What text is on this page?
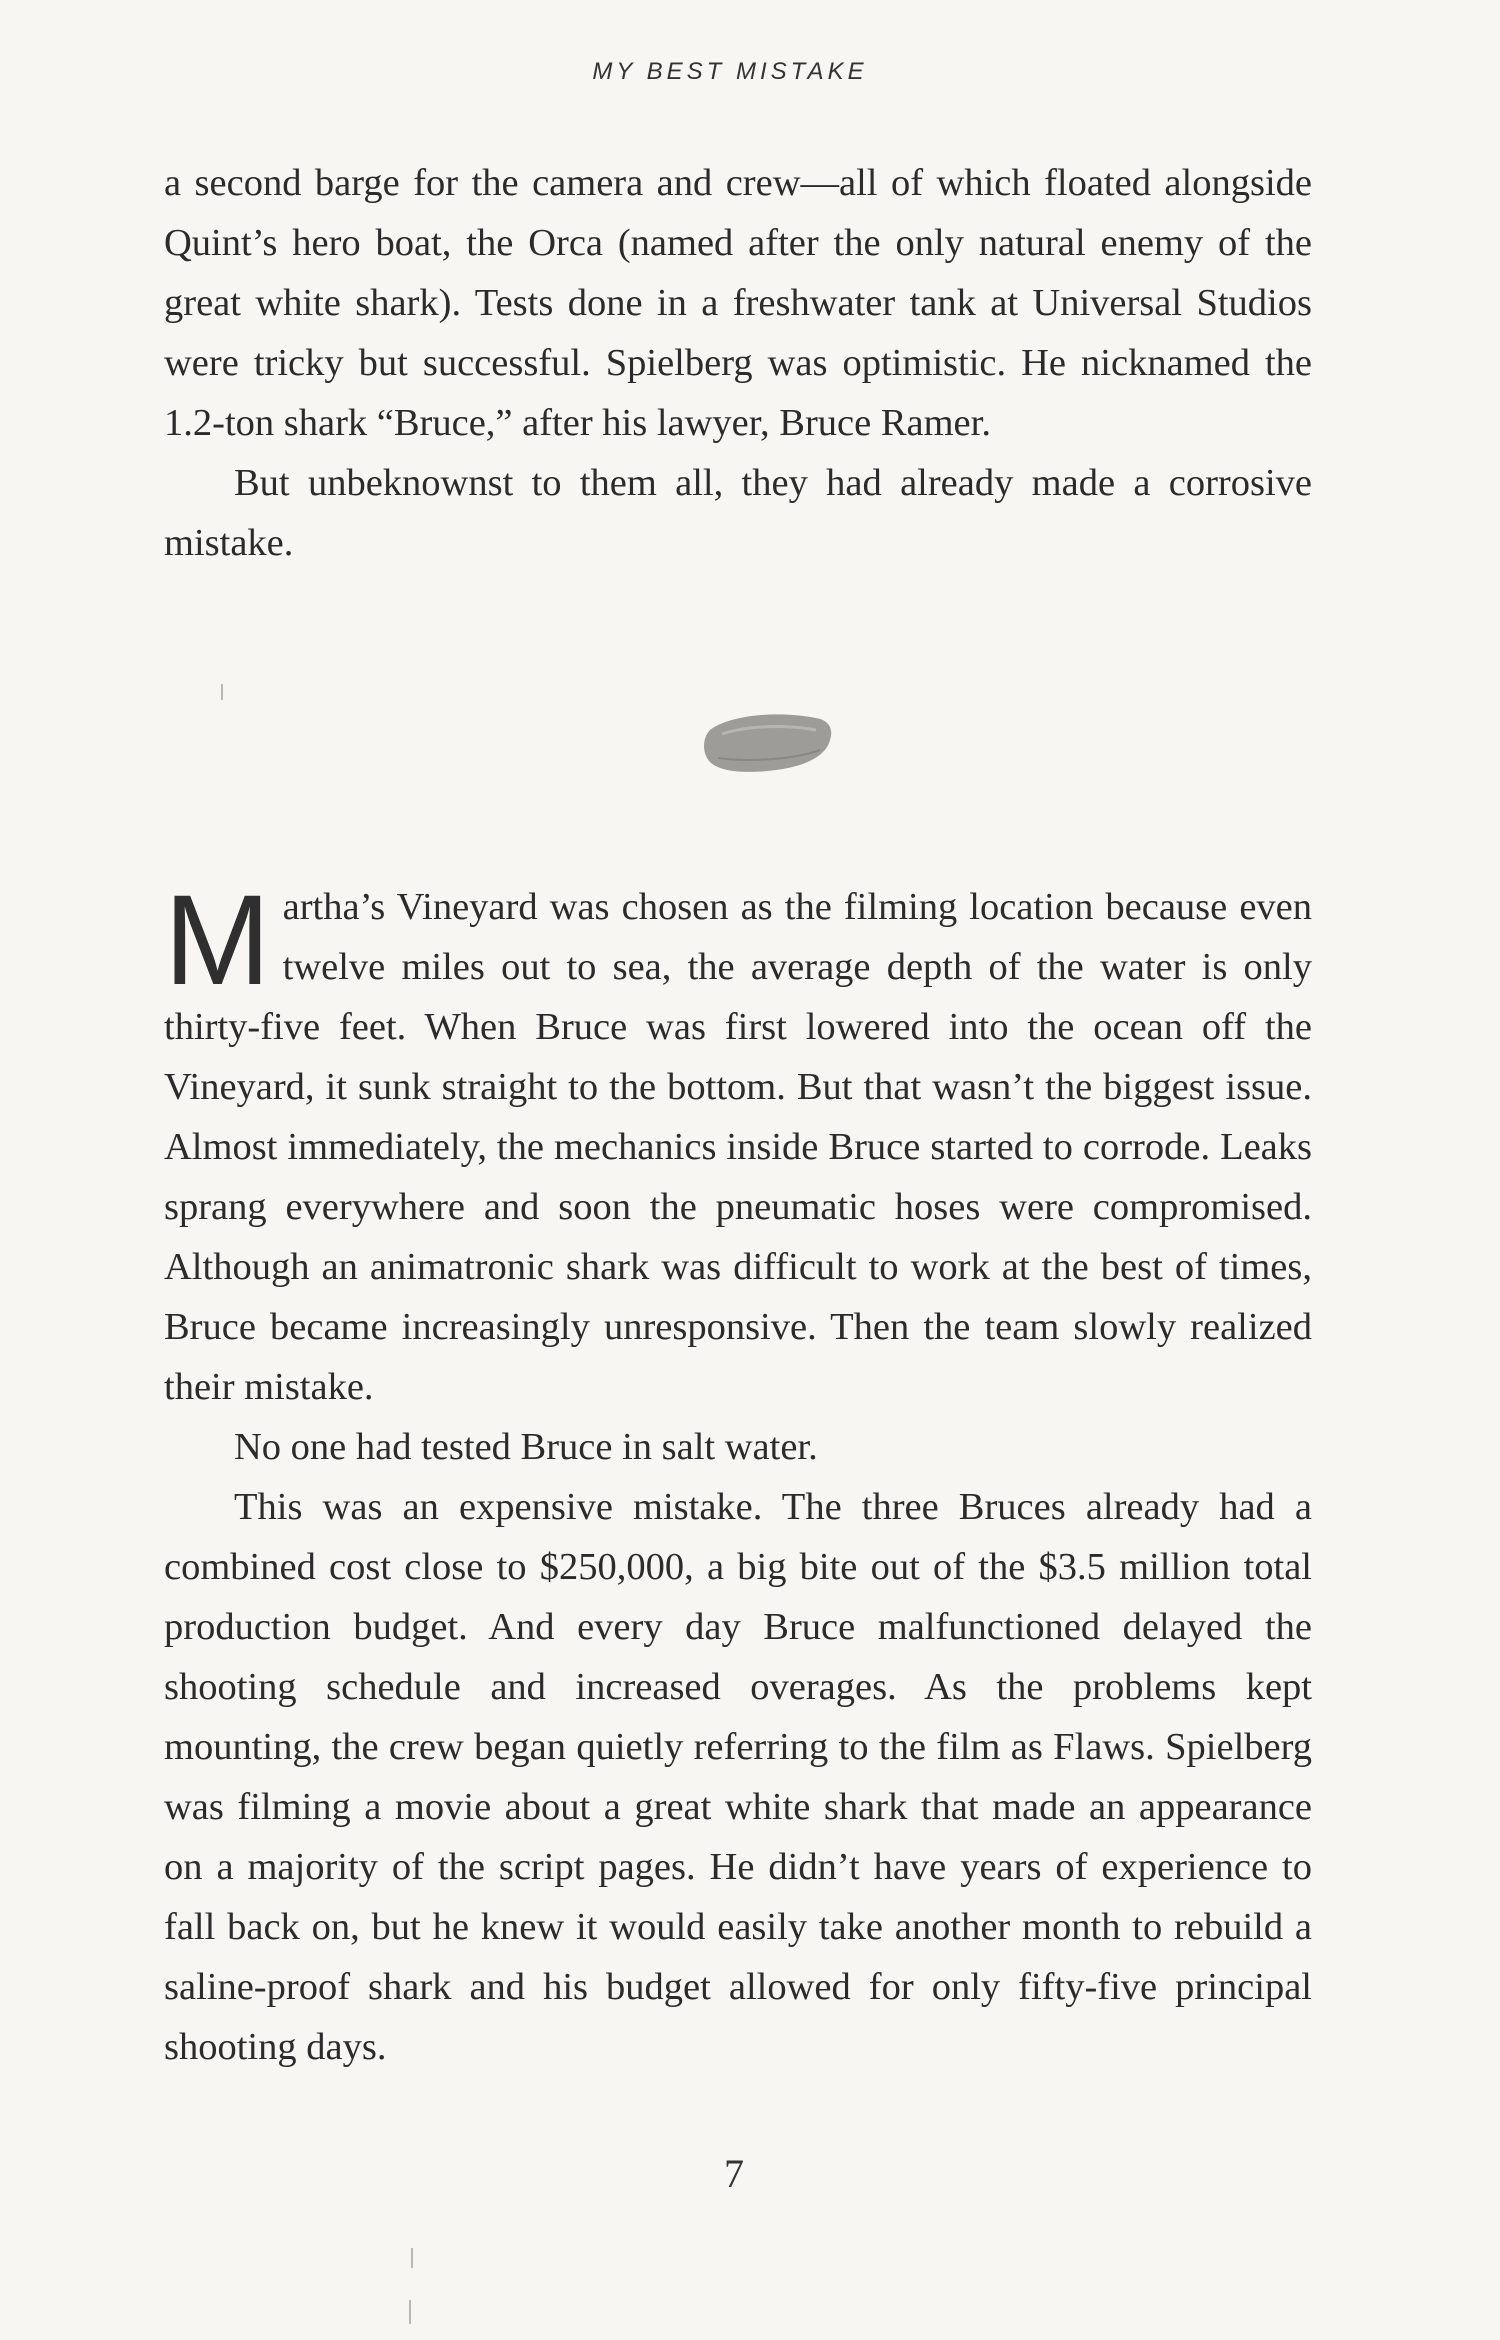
MY BEST MISTAKE

a second barge for the camera and crew—all of which floated alongside Quint’s hero boat, the Orca (named after the only natural enemy of the great white shark). Tests done in a freshwater tank at Universal Studios were tricky but successful. Spielberg was optimistic. He nicknamed the 1.2-ton shark “Bruce,” after his lawyer, Bruce Ramer.

But unbeknownst to them all, they had already made a corrosive mistake.

Martha’s Vineyard was chosen as the filming location because even twelve miles out to sea, the average depth of the water is only thirty-five feet. When Bruce was first lowered into the ocean off the Vineyard, it sunk straight to the bottom. But that wasn’t the biggest issue. Almost immediately, the mechanics inside Bruce started to corrode. Leaks sprang everywhere and soon the pneumatic hoses were compromised. Although an animatronic shark was difficult to work at the best of times, Bruce became increasingly unresponsive. Then the team slowly realized their mistake.

No one had tested Bruce in salt water.

This was an expensive mistake. The three Bruces already had a combined cost close to $250,000, a big bite out of the $3.5 million total production budget. And every day Bruce malfunctioned delayed the shooting schedule and increased overages. As the problems kept mounting, the crew began quietly referring to the film as Flaws. Spielberg was filming a movie about a great white shark that made an appearance on a majority of the script pages. He didn’t have years of experience to fall back on, but he knew it would easily take another month to rebuild a saline-proof shark and his budget allowed for only fifty-five principal shooting days.

7
